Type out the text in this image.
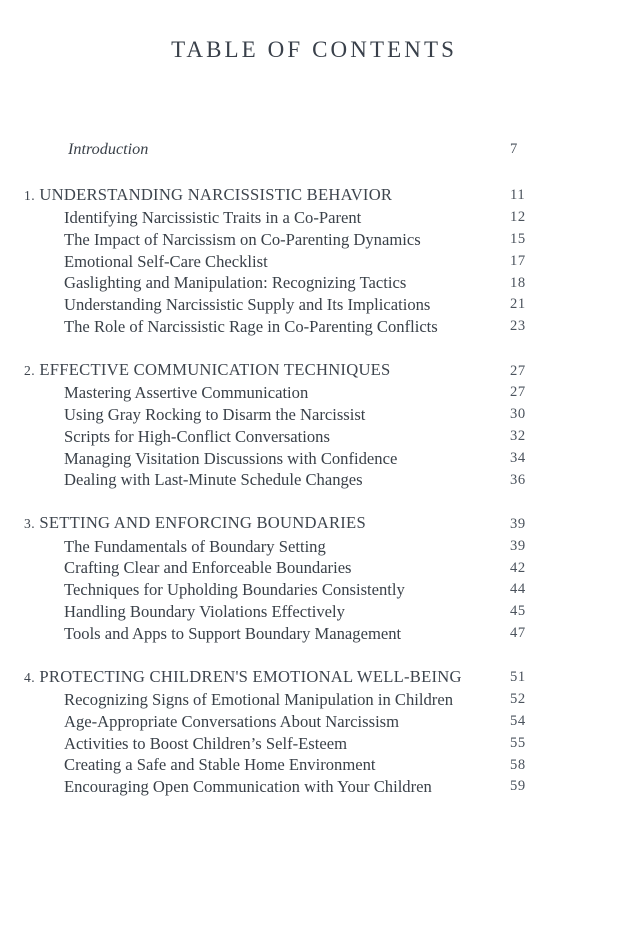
TABLE OF CONTENTS
Introduction	7
1. UNDERSTANDING NARCISSISTIC BEHAVIOR	11
Identifying Narcissistic Traits in a Co-Parent	12
The Impact of Narcissism on Co-Parenting Dynamics	15
Emotional Self-Care Checklist	17
Gaslighting and Manipulation: Recognizing Tactics	18
Understanding Narcissistic Supply and Its Implications	21
The Role of Narcissistic Rage in Co-Parenting Conflicts	23
2. EFFECTIVE COMMUNICATION TECHNIQUES	27
Mastering Assertive Communication	27
Using Gray Rocking to Disarm the Narcissist	30
Scripts for High-Conflict Conversations	32
Managing Visitation Discussions with Confidence	34
Dealing with Last-Minute Schedule Changes	36
3. SETTING AND ENFORCING BOUNDARIES	39
The Fundamentals of Boundary Setting	39
Crafting Clear and Enforceable Boundaries	42
Techniques for Upholding Boundaries Consistently	44
Handling Boundary Violations Effectively	45
Tools and Apps to Support Boundary Management	47
4. PROTECTING CHILDREN'S EMOTIONAL WELL-BEING	51
Recognizing Signs of Emotional Manipulation in Children	52
Age-Appropriate Conversations About Narcissism	54
Activities to Boost Children’s Self-Esteem	55
Creating a Safe and Stable Home Environment	58
Encouraging Open Communication with Your Children	59
